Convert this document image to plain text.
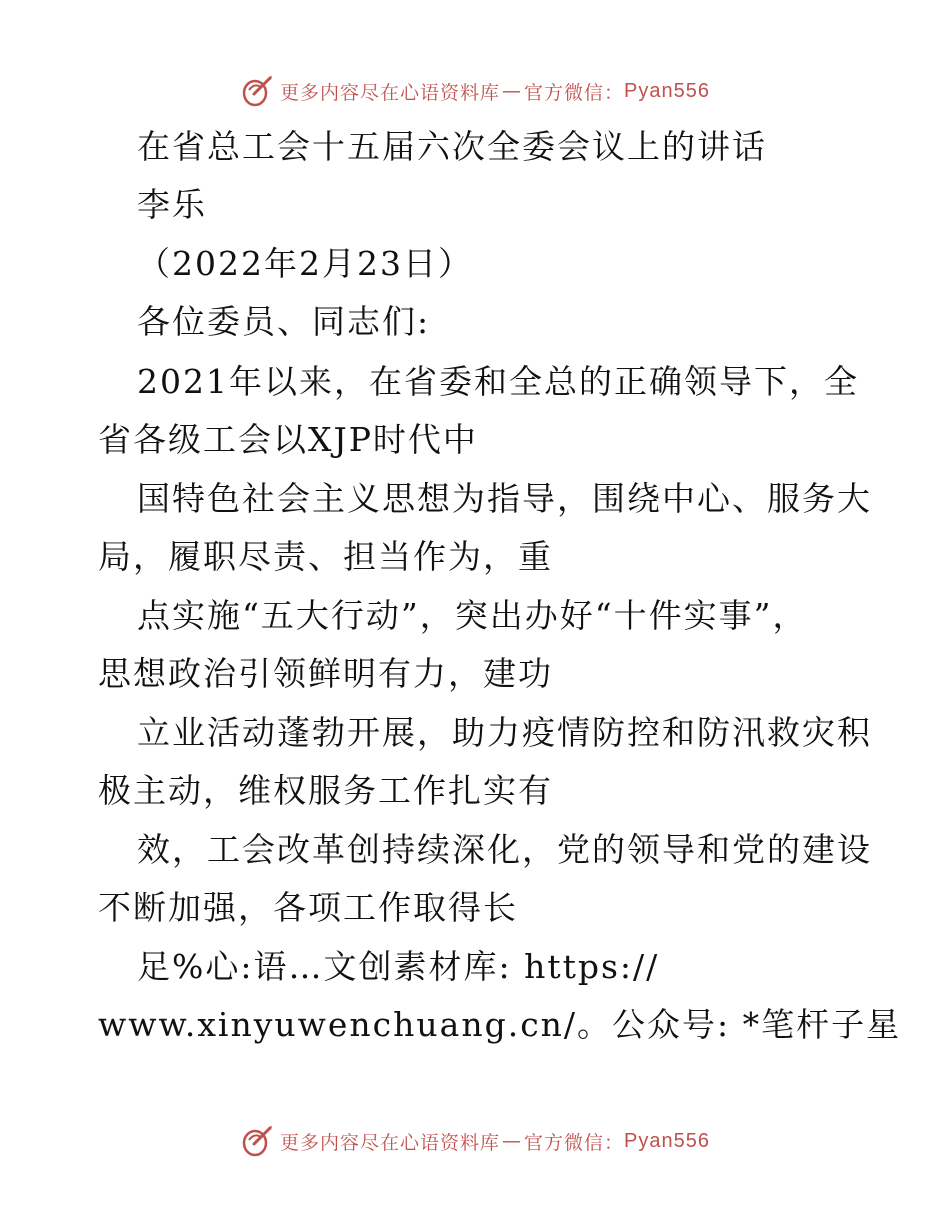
更多内容尽在心语资料库 — 官方微信： Pyan556
在省总工会十五届六次全委会议上的讲话
李乐
（2022年2月23日）
各位委员、同志们:
2021年以来，在省委和全总的正确领导下，全
省各级工会以XJP时代中
国特色社会主义思想为指导，围绕中心、服务大
局，履职尽责、担当作为，重
点实施“五大行动”，突出办好“十件实事”，
思想政治引领鲜明有力，建功
立业活动蓬勃开展，助力疫情防控和防汛救灾积
极主动，维权服务工作扎实有
效，工会改革创持续深化，党的领导和党的建设
不断加强，各项工作取得长
足%心:语…文创素材库: https://
www.xinyuwenchuang.cn/。公众号: *笔杆子星
更多内容尽在心语资料库 — 官方微信： Pyan556
